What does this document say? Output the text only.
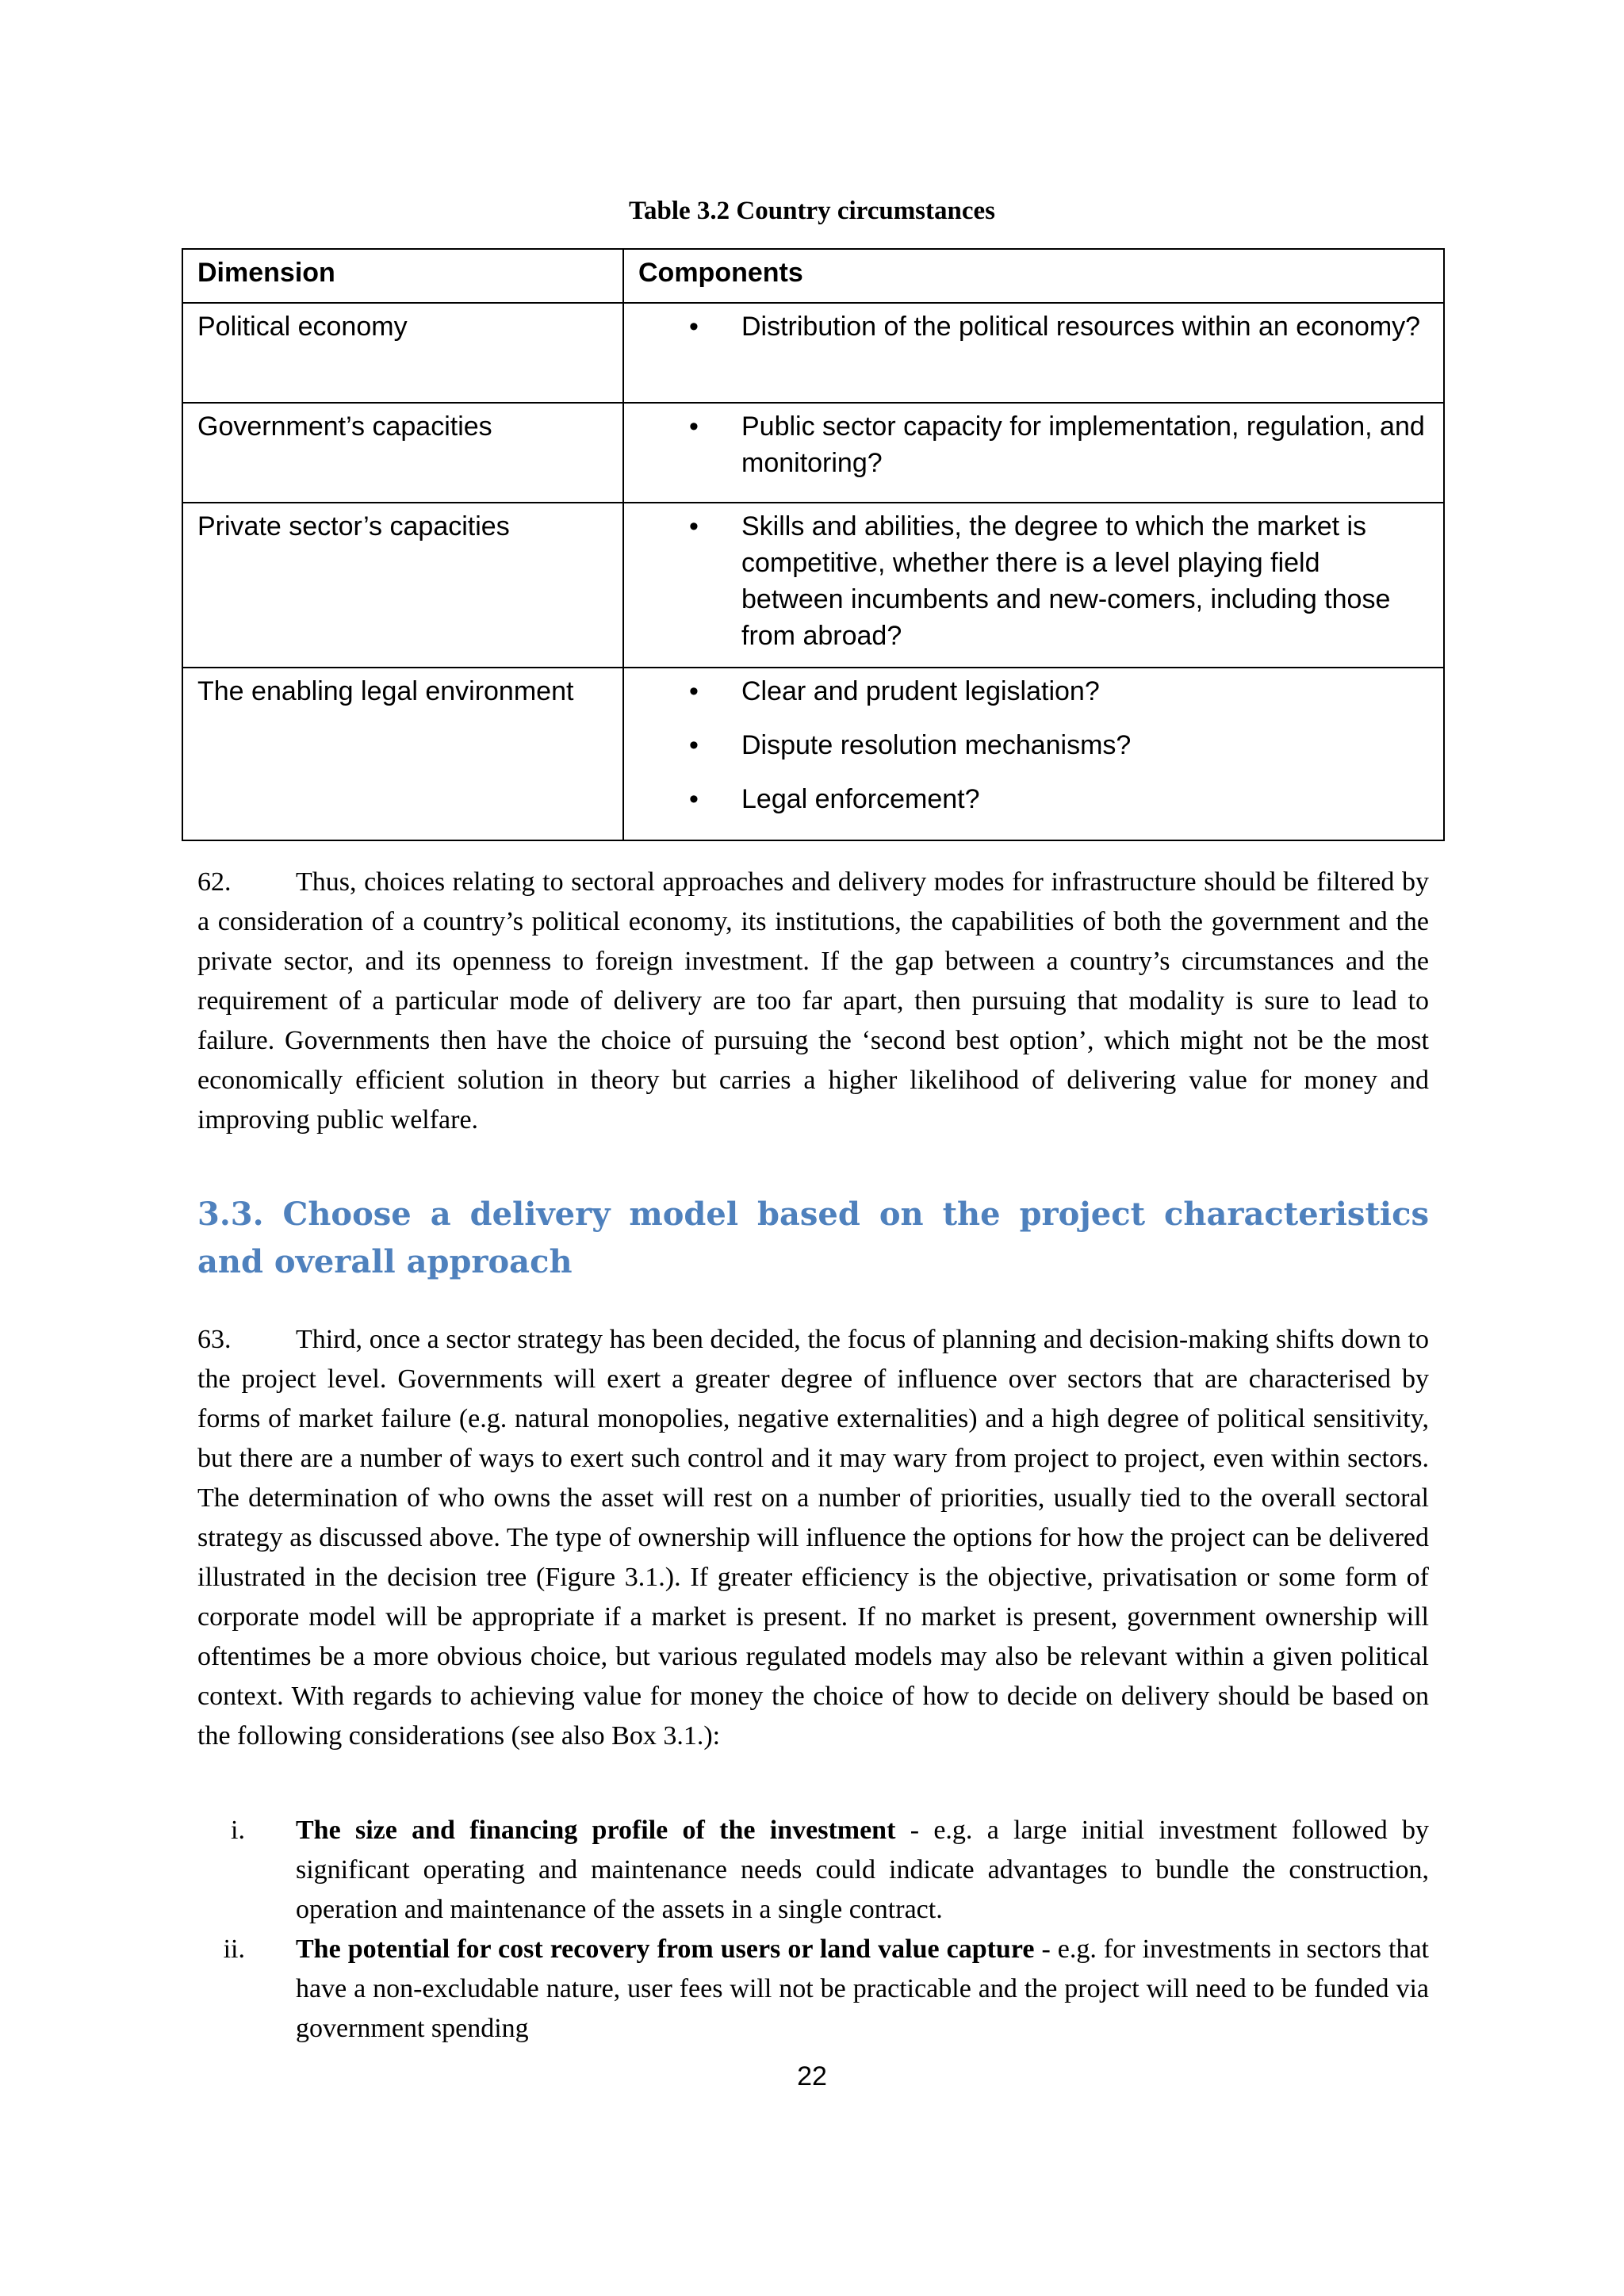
Table 3.2 Country circumstances
Dimension	Components
Political economy	• Distribution of the political resources within an economy?

Government’s capacities	• Public sector capacity for implementation, regulation, and monitoring?

Private sector’s capacities	• Skills and abilities, the degree to which the market is competitive, whether there is a level playing field between incumbents and new-comers, including those from abroad?

The enabling legal environment	• Clear and prudent legislation?
• Dispute resolution mechanisms?
• Legal enforcement?

62. Thus, choices relating to sectoral approaches and delivery modes for infrastructure should be filtered by a consideration of a country’s political economy, its institutions, the capabilities of both the government and the private sector, and its openness to foreign investment. If the gap between a country’s circumstances and the requirement of a particular mode of delivery are too far apart, then pursuing that modality is sure to lead to failure. Governments then have the choice of pursuing the ‘second best option’, which might not be the most economically efficient solution in theory but carries a higher likelihood of delivering value for money and improving public welfare.

3.3. Choose a delivery model based on the project characteristics and overall approach

63. Third, once a sector strategy has been decided, the focus of planning and decision-making shifts down to the project level. Governments will exert a greater degree of influence over sectors that are characterised by forms of market failure (e.g. natural monopolies, negative externalities) and a high degree of political sensitivity, but there are a number of ways to exert such control and it may wary from project to project, even within sectors. The determination of who owns the asset will rest on a number of priorities, usually tied to the overall sectoral strategy as discussed above. The type of ownership will influence the options for how the project can be delivered illustrated in the decision tree (Figure 3.1.). If greater efficiency is the objective, privatisation or some form of corporate model will be appropriate if a market is present. If no market is present, government ownership will oftentimes be a more obvious choice, but various regulated models may also be relevant within a given political context. With regards to achieving value for money the choice of how to decide on delivery should be based on the following considerations (see also Box 3.1.):

i. The size and financing profile of the investment - e.g. a large initial investment followed by significant operating and maintenance needs could indicate advantages to bundle the construction, operation and maintenance of the assets in a single contract.
ii. The potential for cost recovery from users or land value capture - e.g. for investments in sectors that have a non-excludable nature, user fees will not be practicable and the project will need to be funded via government spending
22
